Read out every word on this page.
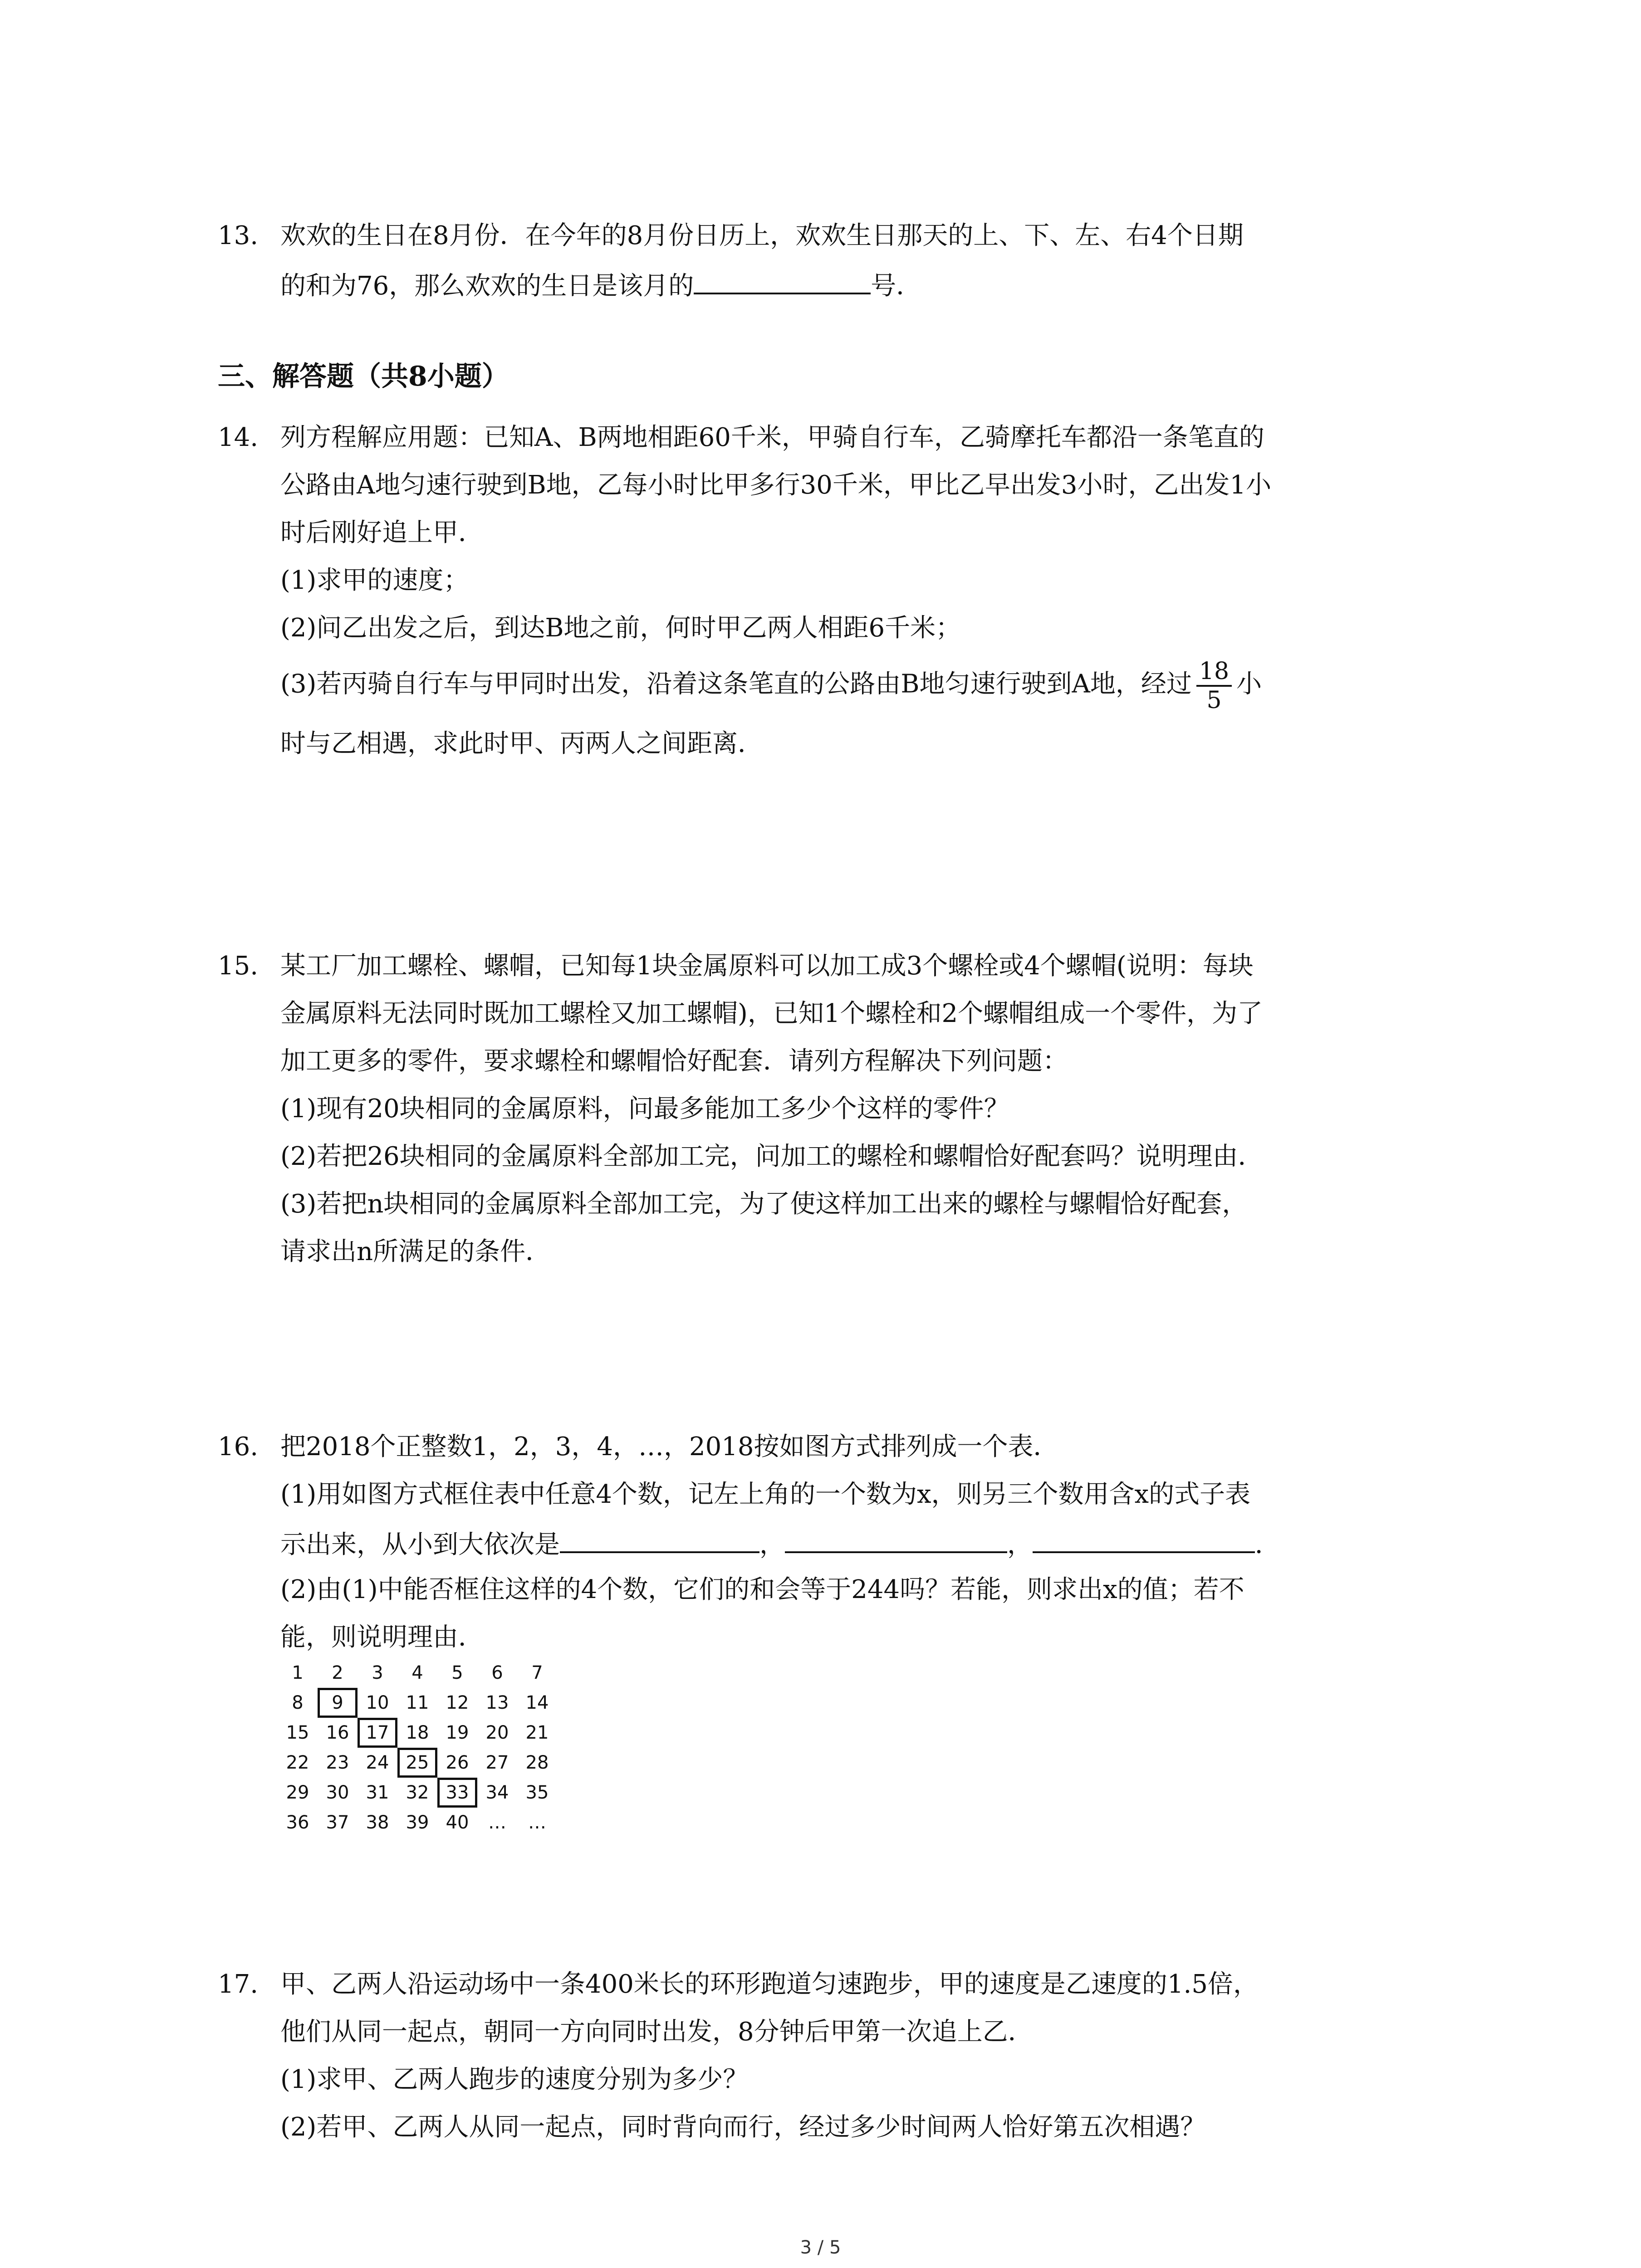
13. 欢欢的生日在8月份．在今年的8月份日历上，欢欢生日那天的上、下、左、右4个日期
的和为76，那么欢欢的生日是该月的	号．
三、解答题（共8小题）
14. 列方程解应用题：已知A、B两地相距60千米，甲骑自行车，乙骑摩托车都沿一条笔直的
公路由A地匀速行驶到B地，乙每小时比甲多行30千米，甲比乙早出发3小时，乙出发1小
时后刚好追上甲．
(1)求甲的速度；
(2)问乙出发之后，到达B地之前，何时甲乙两人相距6千米；
(3)若丙骑自行车与甲同时出发，沿着这条笔直的公路由B地匀速行驶到A地，经过 $\frac{18}{5}$ 小
时与乙相遇，求此时甲、丙两人之间距离．
15. 某工厂加工螺栓、螺帽，已知每1块金属原料可以加工成3个螺栓或4个螺帽(说明：每块
金属原料无法同时既加工螺栓又加工螺帽)，已知1个螺栓和2个螺帽组成一个零件，为了
加工更多的零件，要求螺栓和螺帽恰好配套．请列方程解决下列问题：
(1)现有20块相同的金属原料，问最多能加工多少个这样的零件？
(2)若把26块相同的金属原料全部加工完，问加工的螺栓和螺帽恰好配套吗？说明理由．
(3)若把n块相同的金属原料全部加工完，为了使这样加工出来的螺栓与螺帽恰好配套，
请求出n所满足的条件．
16. 把2018个正整数1，2，3，4，…，2018按如图方式排列成一个表．
(1)用如图方式框住表中任意4个数，记左上角的一个数为x，则另三个数用含x的式子表
示出来，从小到大依次是	，	，	．
(2)由(1)中能否框住这样的4个数，它们的和会等于244吗？若能，则求出x的值；若不
能，则说明理由．
1	2	3	4	5	6	7
8	9	10 11 12 13 14
15 16 17 18 19 20 21
22 23 24 25 26 27 28
29 30 31 32 33 34 35
36 37 38 39 40	…	…
17. 甲、乙两人沿运动场中一条400米长的环形跑道匀速跑步，甲的速度是乙速度的1.5倍，
他们从同一起点，朝同一方向同时出发，8分钟后甲第一次追上乙．
(1)求甲、乙两人跑步的速度分别为多少？
(2)若甲、乙两人从同一起点，同时背向而行，经过多少时间两人恰好第五次相遇？
3 / 5
